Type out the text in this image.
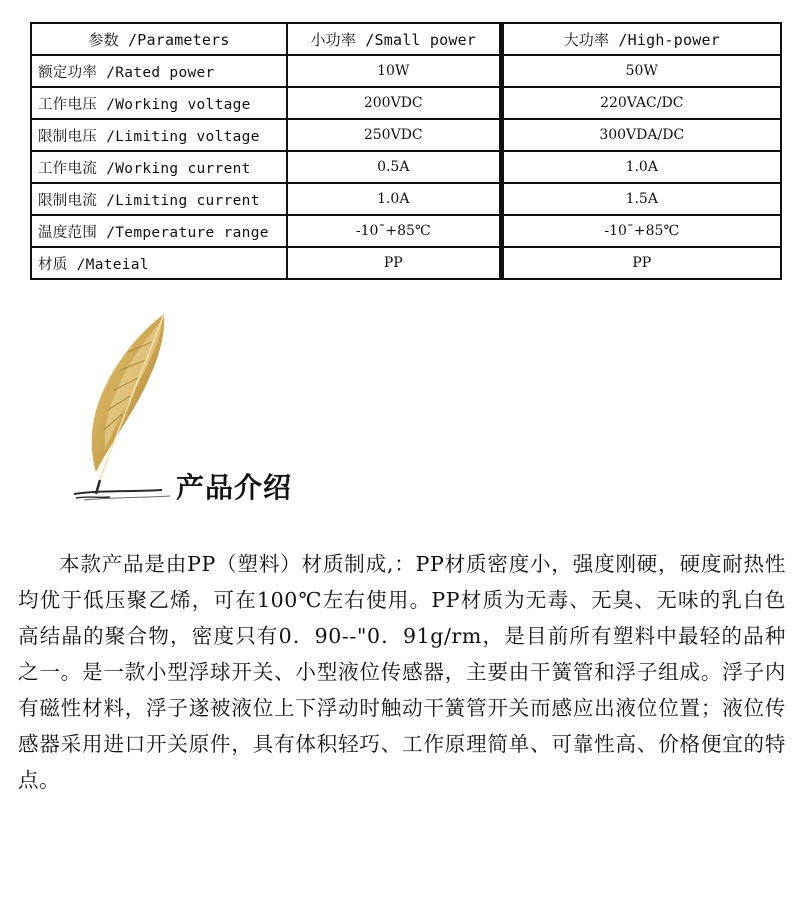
参数 /Parameters	小功率 /Small power	大功率 /High-power
额定功率 /Rated power	10W	50W
工作电压 /Working voltage	200VDC	220VAC/DC
限制电压 /Limiting voltage	250VDC	300VDA/DC
工作电流 /Working current	0.5A	1.0A
限制电流 /Limiting current	1.0A	1.5A
温度范围 /Temperature range	-10¯+85℃	-10¯+85℃
材质 /Mateial	PP	PP
产品介绍

本款产品是由PP（塑料）材质制成,：PP材质密度小，强度刚硬，硬度耐热性均优于低压聚乙烯，可在100℃左右使用。PP材质为无毒、无臭、无味的乳白色高结晶的聚合物，密度只有0．90--"0．91g/rm，是目前所有塑料中最轻的品种之一。是一款小型浮球开关、小型液位传感器，主要由干簧管和浮子组成。浮子内有磁性材料，浮子遂被液位上下浮动时触动干簧管开关而感应出液位位置；液位传感器采用进口开关原件，具有体积轻巧、工作原理简单、可靠性高、价格便宜的特点。
